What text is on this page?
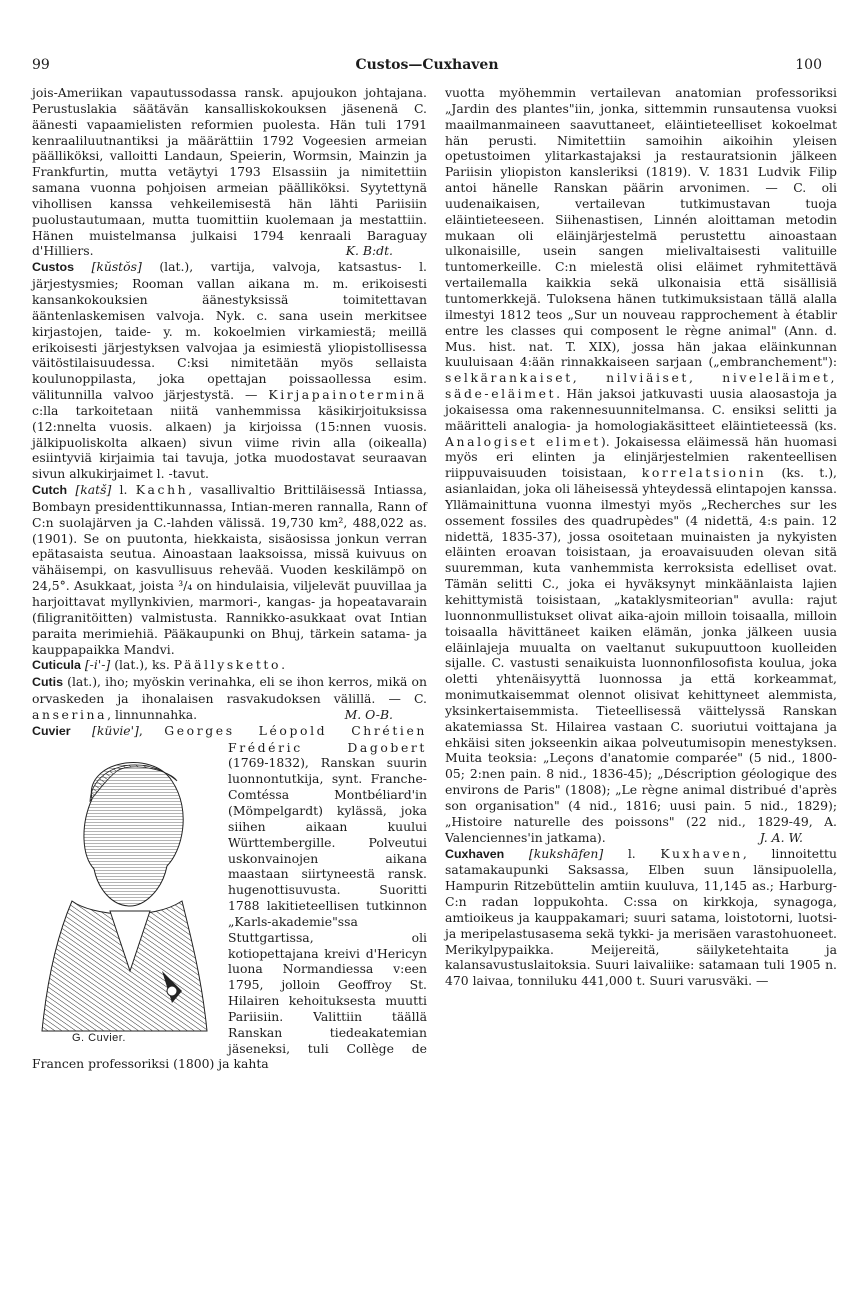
99	Custos—Cuxhaven	100

jois-Ameriikan vapautussodassa ransk. apujoukon johtajana. Perustuslakia säätävän kansalliskokouksen jäsenenä C. äänesti vapaamielisten reformien puolesta. Hän tuli 1791 kenraaliluutnantiksi ja määrättiin 1792 Vogeesien armeian päälliköksi, valloitti Landaun, Speierin, Wormsin, Mainzin ja Frankfurtin, mutta vetäytyi 1793 Elsassiin ja nimitettiin samana vuonna pohjoisen armeian päälliköksi. Syytettynä vihollisen kanssa vehkeilemisestä hän lähti Pariisiin puolustautumaan, mutta tuomittiin kuolemaan ja mestattiin. Hänen muistelmansa julkaisi 1794 kenraali Baraguay d'Hilliers.	K. B:dt.

Custos [kŭstŏs] (lat.), vartija, valvoja, katsastus- l. järjestysmies; Rooman vallan aikana m. m. erikoisesti kansankokouksien äänestyksissä toimitettavan ääntenlaskemisen valvoja. Nyk. c. sana usein merkitsee kirjastojen, taide- y. m. kokoelmien virkamiestä; meillä erikoisesti järjestyksen valvojaa ja esimiestä yliopistollisessa väitöstilaisuudessa. C:ksi nimitetään myös sellaista koulunoppilasta, joka opettajan poissaollessa esim. välitunnilla valvoo järjestystä. — Kirjapainoterminä c:lla tarkoitetaan niitä vanhemmissa käsikirjoituksissa (12:nnelta vuosis. alkaen) ja kirjoissa (15:nnen vuosis. jälkipuoliskolta alkaen) sivun viime rivin alla (oikealla) esiintyviä kirjaimia tai tavuja, jotka muodostavat seuraavan sivun alkukirjaimet l. -tavut.

Cutch [katš] l. Kachh, vasallivaltio Brittiläisessä Intiassa, Bombayn presidenttikunnassa, Intian-meren rannalla, Rann of C:n suolajärven ja C.-lahden välissä. 19,730 km², 488,022 as. (1901). Se on puutonta, hiekkaista, sisäosissa jonkun verran epätasaista seutua. Ainoastaan laaksoissa, missä kuivuus on vähäisempi, on kasvullisuus rehevää. Vuoden keskilämpö on 24,5°. Asukkaat, joista ³/₄ on hindulaisia, viljelevät puuvillaa ja harjoittavat myllynkivien, marmori-, kangas- ja hopeatavarain (filigranitöitten) valmistusta. Rannikko-asukkaat ovat Intian paraita merimiehiä. Pääkaupunki on Bhuj, tärkein satama- ja kauppapaikka Mandvi.

Cuticula [-i'-] (lat.), ks. Päällysketto.

Cutis (lat.), iho; myöskin verinahka, eli se ihon kerros, mikä on orvaskeden ja ihonalaisen rasvakudoksen välillä. — C. anserina, linnunnahka.	M. O-B.

Cuvier [küvie'], Georges Léopold Chrétien Frédéric Dagobert
G. Cuvier.
(1769-1832), Ranskan suurin luonnontutkija, synt. Franche-Comtéssa Montbéliard'in (Mömpelgardt) kylässä, joka siihen aikaan kuului Württembergille. Polveutui uskonvainojen aikana maastaan siirtyneestä ransk. hugenottisuvusta. Suoritti 1788 lakitieteellisen tutkinnon „Karls-akademie"ssa Stuttgartissa, oli kotiopettajana kreivi d'Hericyn luona Normandiessa v:een 1795, jolloin Geoffroy St. Hilairen kehoituksesta muutti Pariisiin. Valittiin täällä Ranskan tiedeakatemian jäseneksi, tuli Collège de Francen professoriksi (1800) ja kahta

vuotta myöhemmin vertailevan anatomian professoriksi „Jardin des plantes"iin, jonka, sittemmin runsautensa vuoksi maailmanmaineen saavuttaneet, eläintieteelliset kokoelmat hän perusti. Nimitettiin samoihin aikoihin yleisen opetustoimen ylitarkastajaksi ja restauratsionin jälkeen Pariisin yliopiston kansleriksi (1819). V. 1831 Ludvik Filip antoi hänelle Ranskan päärin arvonimen. — C. oli uudenaikaisen, vertailevan tutkimustavan tuoja eläintieteeseen. Siihenastisen, Linnén aloittaman metodin mukaan oli eläinjärjestelmä perustettu ainoastaan ulkonaisille, usein sangen mielivaltaisesti valituille tuntomerkeille. C:n mielestä olisi eläimet ryhmitettävä vertailemalla kaikkia sekä ulkonaisia että sisällisiä tuntomerkkejä. Tuloksena hänen tutkimuksistaan tällä alalla ilmestyi 1812 teos „Sur un nouveau rapprochement à établir entre les classes qui composent le règne animal" (Ann. d. Mus. hist. nat. T. XIX), jossa hän jakaa eläinkunnan kuuluisaan 4:ään rinnakkaiseen sarjaan („embranchement"): selkärankaiset, nilviäiset, niveleläimet, säde-eläimet. Hän jaksoi jatkuvasti uusia alaosastoja ja jokaisessa oma rakennesuunnitelmansa. C. ensiksi selitti ja määritteli analogia- ja homologiakäsitteet eläintieteessä (ks. Analogiset elimet). Jokaisessa eläimessä hän huomasi myös eri elinten ja elinjärjestelmien rakenteellisen riippuvaisuuden toisistaan, korrelatsionin (ks. t.), asianlaidan, joka oli läheisessä yhteydessä elintapojen kanssa. Yllämainittuna vuonna ilmestyi myös „Recherches sur les ossement fossiles des quadrupèdes" (4 nidettä, 4:s pain. 12 nidettä, 1835-37), jossa osoitetaan muinaisten ja nykyisten eläinten eroavan toisistaan, ja eroavaisuuden olevan sitä suuremman, kuta vanhemmista kerroksista edelliset ovat. Tämän selitti C., joka ei hyväksynyt minkäänlaista lajien kehittymistä toisistaan, „kataklysmiteorian" avulla: rajut luonnonmullistukset olivat aika-ajoin milloin toisaalla, milloin toisaalla hävittäneet kaiken elämän, jonka jälkeen uusia eläinlajeja muualta on vaeltanut sukupuuttoon kuolleiden sijalle. C. vastusti senaikuista luonnonfilosofista koulua, joka oletti yhtenäisyyttä luonnossa ja että korkeammat, monimutkaisemmat olennot olisivat kehittyneet alemmista, yksinkertaisemmista. Tieteellisessä väittelyssä Ranskan akatemiassa St. Hilairea vastaan C. suoriutui voittajana ja ehkäisi siten jokseenkin aikaa polveutumisopin menestyksen. Muita teoksia: „Leçons d'anatomie comparée" (5 nid., 1800-05; 2:nen pain. 8 nid., 1836-45); „Déscription géologique des environs de Paris" (1808); „Le règne animal distribué d'après son organisation" (4 nid., 1816; uusi pain. 5 nid., 1829); „Histoire naturelle des poissons" (22 nid., 1829-49, A. Valenciennes'in jatkama).	J. A. W.

Cuxhaven [kukshāfen] l. Kuxhaven, linnoitettu satamakaupunki Saksassa, Elben suun länsipuolella, Hampurin Ritzebüttelin amtiin kuuluva, 11,145 as.; Harburg-C:n radan loppukohta. C:ssa on kirkkoja, synagoga, amtioikeus ja kauppakamari; suuri satama, loistotorni, luotsi- ja meripelastusasema sekä tykki- ja merisäen varastohuoneet. Merikylpypaikka. Meijereitä, säilyketehtaita ja kalansavustuslaitoksia. Suuri laivaliike: satamaan tuli 1905 n. 470 laivaa, tonniluku 441,000 t. Suuri varusväki. —
